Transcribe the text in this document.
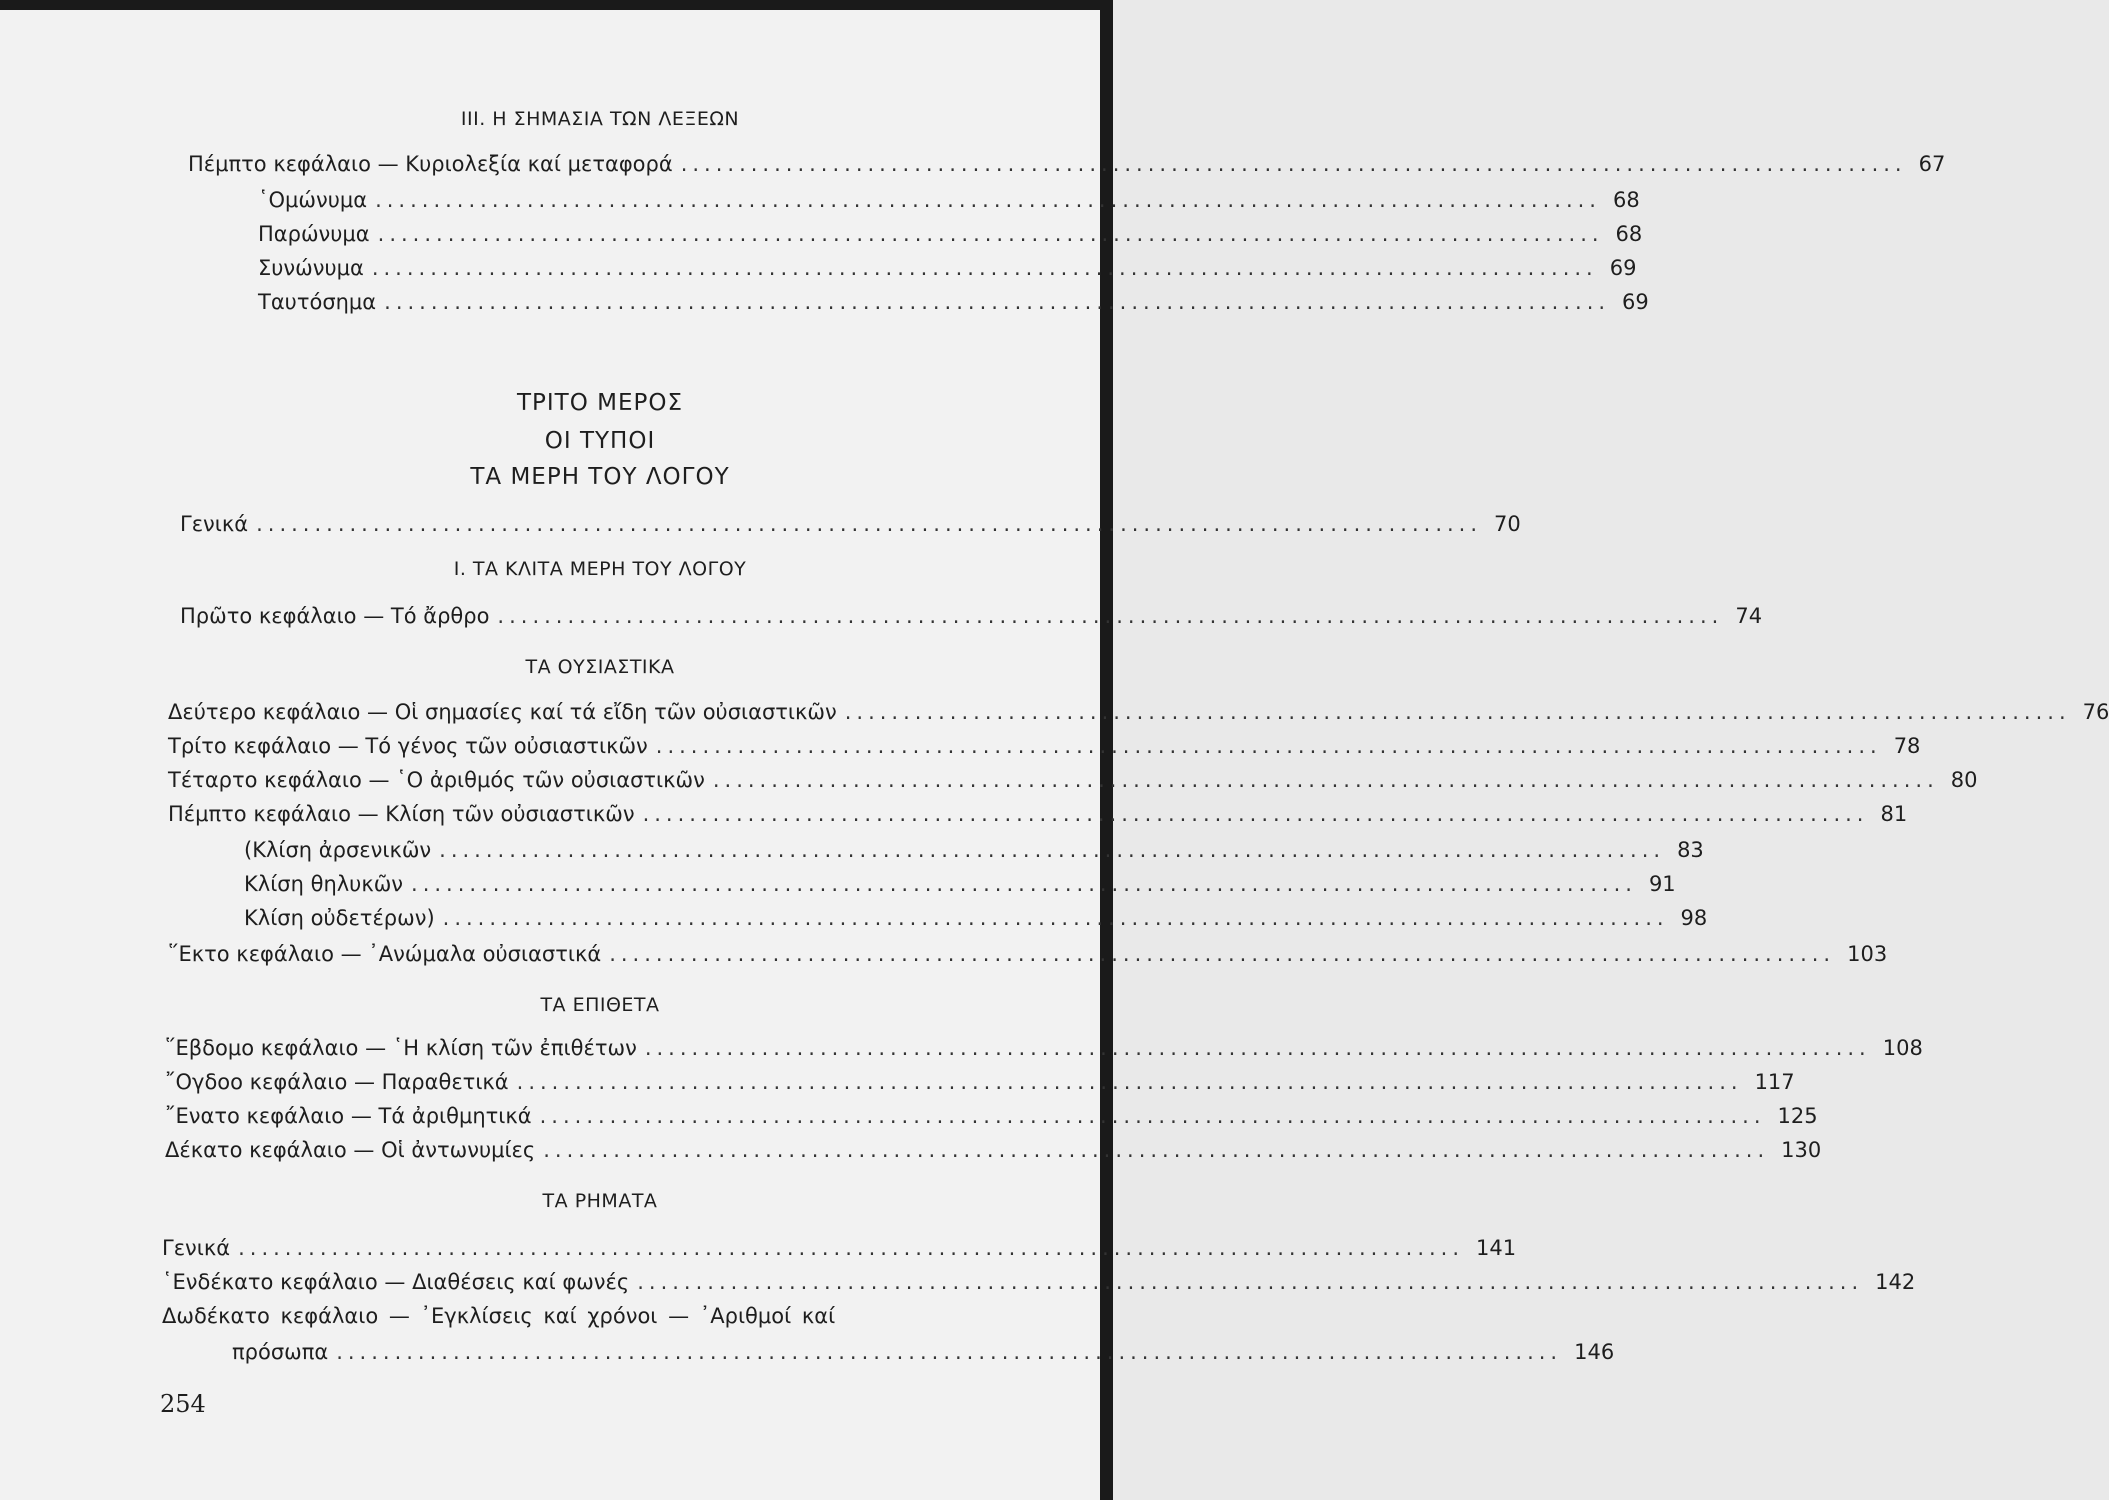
III. Η ΣΗΜΑΣΙΑ ΤΩΝ ΛΕΞΕΩΝ
Πέμπτο κεφάλαιο — Κυριολεξία καί μεταφορά ......................................................................................................... 67
῾Ομώνυμα ......................................................................................................... 68
Παρώνυμα ......................................................................................................... 68
Συνώνυμα ......................................................................................................... 69
Ταυτόσημα ......................................................................................................... 69
ΤΡΙΤΟ ΜΕΡΟΣ
ΟΙ ΤΥΠΟΙ
ΤΑ ΜΕΡΗ ΤΟΥ ΛΟΓΟΥ
Γενικά ......................................................................................................... 70
I. ΤΑ ΚΛΙΤΑ ΜΕΡΗ ΤΟΥ ΛΟΓΟΥ
Πρῶτο κεφάλαιο — Τό ἄρθρο ......................................................................................................... 74
ΤΑ ΟΥΣΙΑΣΤΙΚΑ
Δεύτερο κεφάλαιο — Οἱ σημασίες καί τά εἴδη τῶν οὐσιαστικῶν ......................................................................................................... 76
Τρίτο κεφάλαιο — Τό γένος τῶν οὐσιαστικῶν ......................................................................................................... 78
Τέταρτο κεφάλαιο — ῾Ο ἀριθμός τῶν οὐσιαστικῶν ......................................................................................................... 80
Πέμπτο κεφάλαιο — Κλίση τῶν οὐσιαστικῶν ......................................................................................................... 81
(Κλίση ἀρσενικῶν ......................................................................................................... 83
Κλίση θηλυκῶν ......................................................................................................... 91
Κλίση οὐδετέρων) ......................................................................................................... 98
῞Εκτο κεφάλαιο — ᾽Ανώμαλα οὐσιαστικά ......................................................................................................... 103
ΤΑ ΕΠΙΘΕΤΑ
῞Εβδομο κεφάλαιο — ῾Η κλίση τῶν ἐπιθέτων ......................................................................................................... 108
῎Ογδοο κεφάλαιο — Παραθετικά ......................................................................................................... 117
῎Ενατο κεφάλαιο — Τά ἀριθμητικά ......................................................................................................... 125
Δέκατο κεφάλαιο — Οἱ ἀντωνυμίες ......................................................................................................... 130
ΤΑ ΡΗΜΑΤΑ
Γενικά ......................................................................................................... 141
῾Ενδέκατο κεφάλαιο — Διαθέσεις καί φωνές ......................................................................................................... 142
Δωδέκατο κεφάλαιο — ᾽Εγκλίσεις καί χρόνοι — ᾽Αριθμοί καί
πρόσωπα ......................................................................................................... 146
254
